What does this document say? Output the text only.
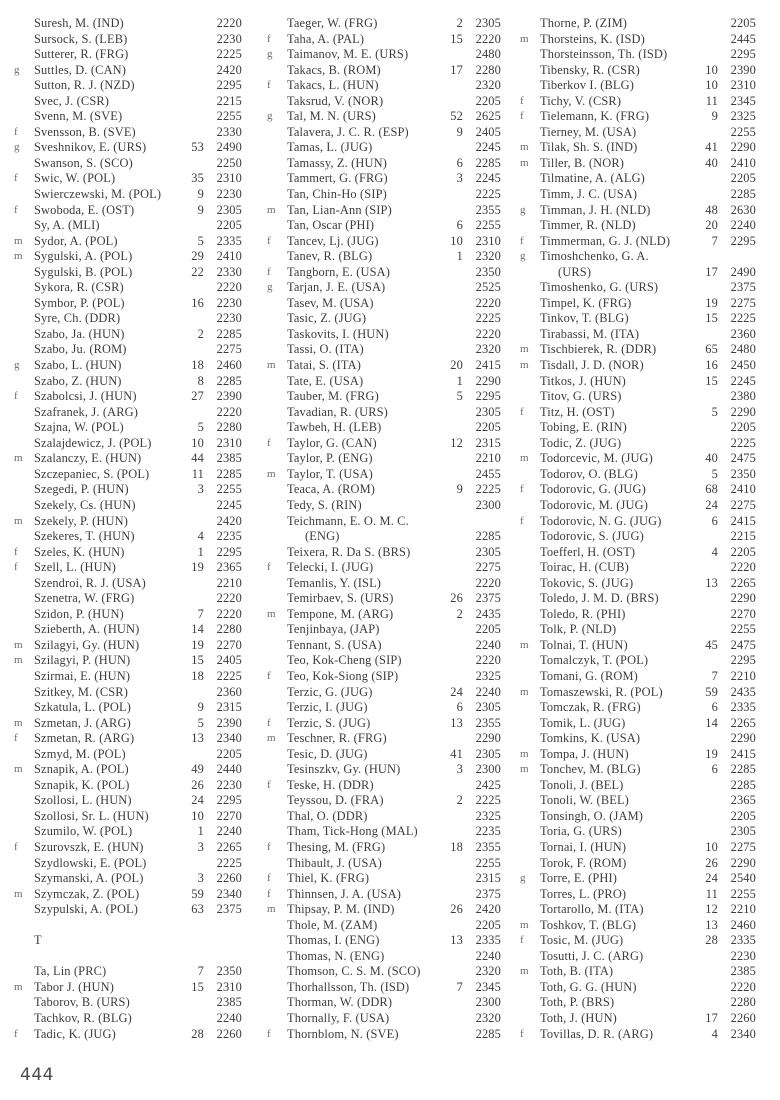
Suresh, M. (IND)	2220
Sursock, S. (LEB)	2230
Sutterer, R. (FRG)	2225
g	Suttles, D. (CAN)	2420
Sutton, R. J. (NZD)	2295
Svec, J. (CSR)	2215
Svenn, M. (SVE)	2255
f	Svensson, B. (SVE)	2330
g	Sveshnikov, E. (URS)	53	2490
Swanson, S. (SCO)	2250
f	Swic, W. (POL)	35	2310
Swierczewski, M. (POL)	9	2230
f	Swoboda, E. (OST)	9	2305
Sy, A. (MLI)	2205
m Sydor, A. (POL)	5	2335
m Sygulski, A. (POL)	29	2410
Sygulski, B. (POL)	22	2330
Sykora, R. (CSR)	2220
Symbor, P. (POL)	16	2230
Syre, Ch. (DDR)	2230
Szabo, Ja. (HUN)	2	2285
Szabo, Ju. (ROM)	2275
g	Szabo, L. (HUN)	18	2460
Szabo, Z. (HUN)	8	2285
f	Szabolcsi, J. (HUN)	27	2390
Szafranek, J. (ARG)	2220
Szajna, W. (POL)	5	2280
Szalajdewicz, J. (POL)	10	2310
m Szalanczy, E. (HUN)	44	2385
Szczepaniec, S. (POL)	11	2285
Szegedi, P. (HUN)	3	2255
Szekely, Cs. (HUN)	2245
m Szekely, P. (HUN)	2420
Szekeres, T. (HUN)	4	2235
f	Szeles, K. (HUN)	1	2295
f	Szell, L. (HUN)	19	2365
Szendroi, R. J. (USA)	2210
Szenetra, W. (FRG)	2220
Szidon, P. (HUN)	7	2220
Szieberth, A. (HUN)	14	2280
m Szilagyi, Gy. (HUN)	19	2270
m Szilagyi, P. (HUN)	15	2405
Szirmai, E. (HUN)	18	2225
Szitkey, M. (CSR)	2360
Szkatula, L. (POL)	9	2315
m Szmetan, J. (ARG)	5	2390
f	Szmetan, R. (ARG)	13	2340
Szmyd, M. (POL)	2205
m Sznapik, A. (POL)	49	2440
Sznapik, K. (POL)	26	2230
Szollosi, L. (HUN)	24	2295
Szollosi, Sr. L. (HUN)	10	2270
Szumilo, W. (POL)	1	2240
f	Szurovszk, E. (HUN)	3	2265
Szydlowski, E. (POL)	2225
Szymanski, A. (POL)	3	2260
m Szymczak, Z. (POL)	59	2340
Szypulski, A. (POL)	63	2375
T
Ta, Lin (PRC)	7	2350
m Tabor J. (HUN)	15	2310
Taborov, B. (URS)	2385
Tachkov, R. (BLG)	2240
f	Tadic, K. (JUG)	28	2260
Taeger, W. (FRG)	2	2305
f	Taha, A. (PAL)	15	2220
g	Taimanov, M. E. (URS)	2480
Takacs, B. (ROM)	17	2280
f	Takacs, L. (HUN)	2320
Taksrud, V. (NOR)	2205
g	Tal, M. N. (URS)	52	2625
Talavera, J. C. R. (ESP)	9	2405
Tamas, L. (JUG)	2245
Tamassy, Z. (HUN)	6	2285
Tammert, G. (FRG)	3	2245
Tan, Chin-Ho (SIP)	2225
m Tan, Lian-Ann (SIP)	2355
Tan, Oscar (PHI)	6	2255
f	Tancev, Lj. (JUG)	10	2310
Tanev, R. (BLG)	1	2320
f	Tangborn, E. (USA)	2350
g	Tarjan, J. E. (USA)	2525
Tasev, M. (USA)	2220
Tasic, Z. (JUG)	2225
Taskovits, I. (HUN)	2220
Tassi, O. (ITA)	2320
m Tatai, S. (ITA)	20	2415
Tate, E. (USA)	1	2290
Tauber, M. (FRG)	5	2295
Tavadian, R. (URS)	2305
Tawbeh, H. (LEB)	2205
f	Taylor, G. (CAN)	12	2315
Taylor, P. (ENG)	2210
m Taylor, T. (USA)	2455
Teaca, A. (ROM)	9	2225
Tedy, S. (RIN)	2300
Teichmann, E. O. M. C.
(ENG)	2285
Teixera, R. Da S. (BRS)	2305
f	Telecki, I. (JUG)	2275
Temanlis, Y. (ISL)	2220
Temirbaev, S. (URS)	26	2375
m Tempone, M. (ARG)	2	2435
Tenjinbaya, (JAP)	2205
Tennant, S. (USA)	2240
Teo, Kok-Cheng (SIP)	2220
f	Teo, Kok-Siong (SIP)	2325
Terzic, G. (JUG)	24	2240
Terzic, I. (JUG)	6	2305
f	Terzic, S. (JUG)	13	2355
m Teschner, R. (FRG)	2290
Tesic, D. (JUG)	41	2305
Tesinszkv, Gy. (HUN)	3	2300
f	Teske, H. (DDR)	2425
Teyssou, D. (FRA)	2	2225
Thal, O. (DDR)	2325
Tham, Tick-Hong (MAL)	2235
f	Thesing, M. (FRG)	18	2355
Thibault, J. (USA)	2255
f	Thiel, K. (FRG)	2315
f	Thinnsen, J. A. (USA)	2375
m Thipsay, P. M. (IND)	26	2420
Thole, M. (ZAM)	2205
Thomas, I. (ENG)	13	2335
Thomas, N. (ENG)	2240
Thomson, C. S. M. (SCO)	2320
Thorhallsson, Th. (ISD)	7	2345
Thorman, W. (DDR)	2300
Thornally, F. (USA)	2320
f	Thornblom, N. (SVE)	2285
Thorne, P. (ZIM)	2205
m Thorsteins, K. (ISD)	2445
Thorsteinsson, Th. (ISD)	2295
Tibensky, R. (CSR)	10	2390
Tiberkov I. (BLG)	10	2310
f	Tichy, V. (CSR)	11	2345
f	Tielemann, K. (FRG)	9	2325
Tierney, M. (USA)	2255
m Tilak, Sh. S. (IND)	41	2290
m Tiller, B. (NOR)	40	2410
Tilmatine, A. (ALG)	2205
Timm, J. C. (USA)	2285
g	Timman, J. H. (NLD)	48	2630
Timmer, R. (NLD)	20	2240
f	Timmerman, G. J. (NLD)	7	2295
g	Timoshchenko, G. A.
(URS)	17	2490
Timoshenko, G. (URS)	2375
Timpel, K. (FRG)	19	2275
Tinkov, T. (BLG)	15	2225
Tirabassi, M. (ITA)	2360
m Tischbierek, R. (DDR)	65	2480
m Tisdall, J. D. (NOR)	16	2450
Titkos, J. (HUN)	15	2245
Titov, G. (URS)	2380
f	Titz, H. (OST)	5	2290
Tobing, E. (RIN)	2205
Todic, Z. (JUG)	2225
m Todorcevic, M. (JUG)	40	2475
Todorov, O. (BLG)	5	2350
f	Todorovic, G. (JUG)	68	2410
Todorovic, M. (JUG)	24	2275
f	Todorovic, N. G. (JUG)	6	2415
Todorovic, S. (JUG)	2215
Toefferl, H. (OST)	4	2205
Toirac, H. (CUB)	2220
Tokovic, S. (JUG)	13	2265
Toledo, J. M. D. (BRS)	2290
Toledo, R. (PHI)	2270
Tolk, P. (NLD)	2255
m Tolnai, T. (HUN)	45	2475
Tomalczyk, T. (POL)	2295
Tomani, G. (ROM)	7	2210
m Tomaszewski, R. (POL)	59	2435
Tomczak, R. (FRG)	6	2335
Tomik, L. (JUG)	14	2265
Tomkins, K. (USA)	2290
m Tompa, J. (HUN)	19	2415
m Tonchev, M. (BLG)	6	2285
Tonoli, J. (BEL)	2285
Tonoli, W. (BEL)	2365
Tonsingh, O. (JAM)	2205
Toria, G. (URS)	2305
Tornai, I. (HUN)	10	2275
Torok, F. (ROM)	26	2290
g	Torre, E. (PHI)	24	2540
Torres, L. (PRO)	11	2255
Tortarollo, M. (ITA)	12	2210
m Toshkov, T. (BLG)	13	2460
f	Tosic, M. (JUG)	28	2335
Tosutti, J. C. (ARG)	2230
m Toth, B. (ITA)	2385
Toth, G. G. (HUN)	2220
Toth, P. (BRS)	2280
Toth, J. (HUN)	17	2260
f	Tovillas, D. R. (ARG)	4	2340
444
